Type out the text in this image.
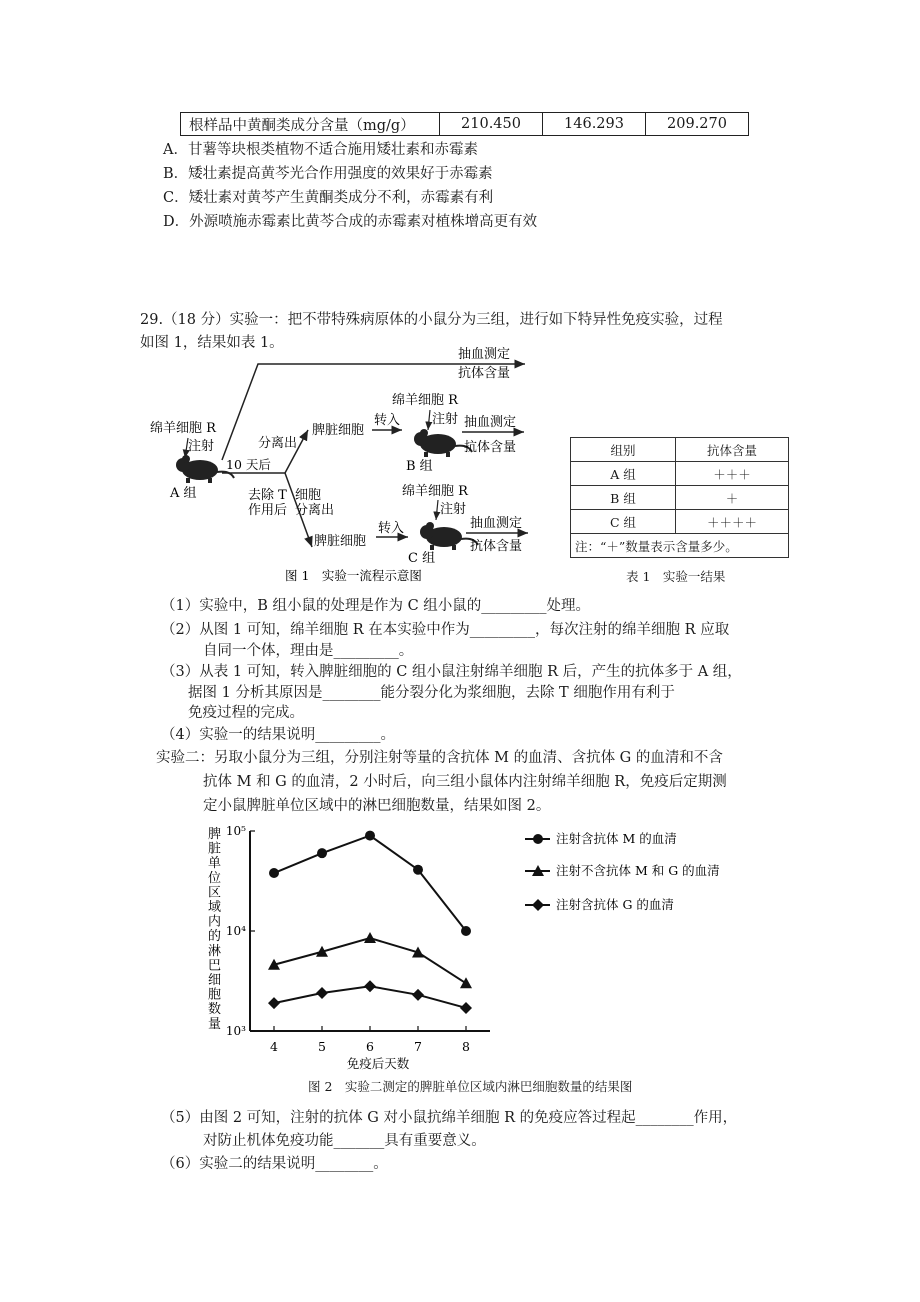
根样品中黄酮类成分含量（mg/g）	210.450	146.293	209.270
A．甘薯等块根类植物不适合施用矮壮素和赤霉素
B．矮壮素提高黄芩光合作用强度的效果好于赤霉素
C．矮壮素对黄芩产生黄酮类成分不利，赤霉素有利
D．外源喷施赤霉素比黄芩合成的赤霉素对植株增高更有效
29.（18 分）实验一：把不带特殊病原体的小鼠分为三组，进行如下特异性免疫实验，过程
如图 1，结果如表 1。
抽血测定
抗体含量
绵羊细胞 R
注射
A 组
10 天后
分离出
脾脏细胞
转入
绵羊细胞 R
注射
B 组
抽血测定
抗体含量
去除 T
作用后
细胞
分离出
脾脏细胞
转入
绵羊细胞 R
注射
C 组
抽血测定
抗体含量
图 1　实验一流程示意图
组别	抗体含量
A 组	＋＋＋
B 组	＋
C 组	＋＋＋＋
注：“＋”数量表示含量多少。	
表 1　实验一结果
（1）实验中，B 组小鼠的处理是作为 C 组小鼠的_________处理。
（2）从图 1 可知，绵羊细胞 R 在本实验中作为_________，每次注射的绵羊细胞 R 应取
自同一个体，理由是_________。
（3）从表 1 可知，转入脾脏细胞的 C 组小鼠注射绵羊细胞 R 后，产生的抗体多于 A 组，
据图 1 分析其原因是________能分裂分化为浆细胞，去除 T 细胞作用有利于
免疫过程的完成。
（4）实验一的结果说明_________。
实验二：另取小鼠分为三组，分别注射等量的含抗体 M 的血清、含抗体 G 的血清和不含
抗体 M 和 G 的血清，2 小时后，向三组小鼠体内注射绵羊细胞 R，免疫后定期测
定小鼠脾脏单位区域中的淋巴细胞数量，结果如图 2。
脾
脏
单
位
区
域
内
的
淋
巴
细
胞
数
量
免疫后天数
10³
10⁴
10⁵
4	5	6	7	8
注射含抗体 M 的血清
注射不含抗体 M 和 G 的血清
注射含抗体 G 的血清
图 2　实验二测定的脾脏单位区域内淋巴细胞数量的结果图
（5）由图 2 可知，注射的抗体 G 对小鼠抗绵羊细胞 R 的免疫应答过程起________作用，
对防止机体免疫功能_______具有重要意义。
（6）实验二的结果说明________。
